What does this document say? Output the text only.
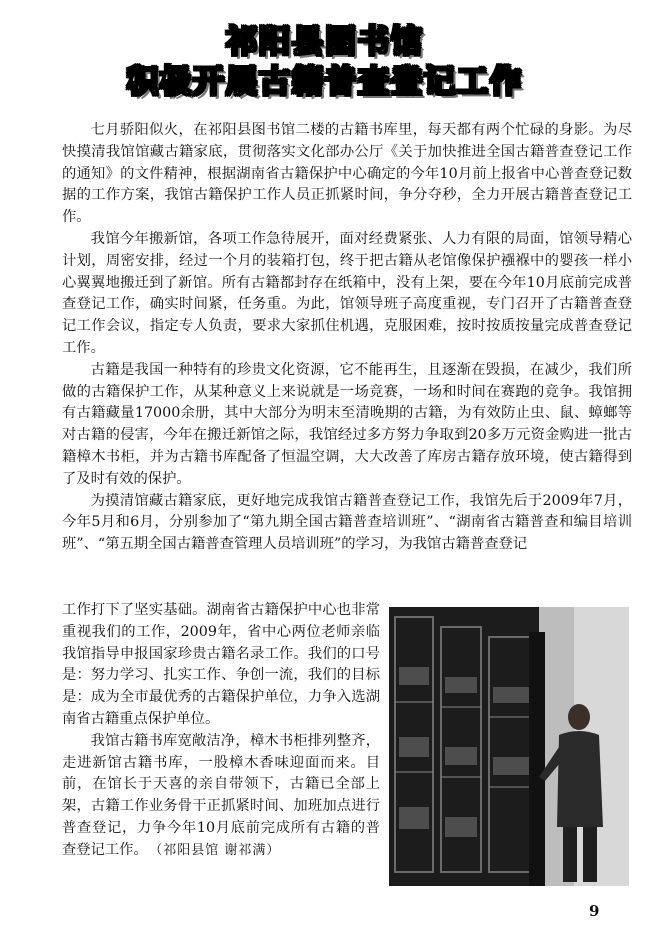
祁阳县图书馆
积极开展古籍普查登记工作

七月骄阳似火，在祁阳县图书馆二楼的古籍书库里，每天都有两个忙碌的身影。为尽快摸清我馆馆藏古籍家底，贯彻落实文化部办公厅《关于加快推进全国古籍普查登记工作的通知》的文件精神，根据湖南省古籍保护中心确定的今年10月前上报省中心普查登记数据的工作方案，我馆古籍保护工作人员正抓紧时间，争分夺秒，全力开展古籍普查登记工作。

我馆今年搬新馆，各项工作急待展开，面对经费紧张、人力有限的局面，馆领导精心计划，周密安排，经过一个月的装箱打包，终于把古籍从老馆像保护襁褓中的婴孩一样小心翼翼地搬迁到了新馆。所有古籍都封存在纸箱中，没有上架，要在今年10月底前完成普查登记工作，确实时间紧，任务重。为此，馆领导班子高度重视，专门召开了古籍普查登记工作会议，指定专人负责，要求大家抓住机遇，克服困难，按时按质按量完成普查登记工作。

古籍是我国一种特有的珍贵文化资源，它不能再生，且逐渐在毁损，在减少，我们所做的古籍保护工作，从某种意义上来说就是一场竞赛，一场和时间在赛跑的竞争。我馆拥有古籍藏量17000余册，其中大部分为明末至清晚期的古籍，为有效防止虫、鼠、蟑螂等对古籍的侵害，今年在搬迁新馆之际，我馆经过多方努力争取到20多万元资金购进一批古籍樟木书柜，并为古籍书库配备了恒温空调，大大改善了库房古籍存放环境，使古籍得到了及时有效的保护。

为摸清馆藏古籍家底，更好地完成我馆古籍普查登记工作，我馆先后于2009年7月，今年5月和6月，分别参加了“第九期全国古籍普查培训班”、“湖南省古籍普查和编目培训班”、“第五期全国古籍普查管理人员培训班”的学习，为我馆古籍普查登记

工作打下了坚实基础。湖南省古籍保护中心也非常重视我们的工作，2009年，省中心两位老师亲临我馆指导申报国家珍贵古籍名录工作。我们的口号是：努力学习、扎实工作、争创一流，我们的目标是：成为全市最优秀的古籍保护单位，力争入选湖南省古籍重点保护单位。

我馆古籍书库宽敞洁净，樟木书柜排列整齐，走进新馆古籍书库，一股樟木香味迎面而来。目前，在馆长于天喜的亲自带领下，古籍已全部上架，古籍工作业务骨干正抓紧时间、加班加点进行普查登记，力争今年10月底前完成所有古籍的普查登记工作。 （祁阳县馆 谢祁满）

9
